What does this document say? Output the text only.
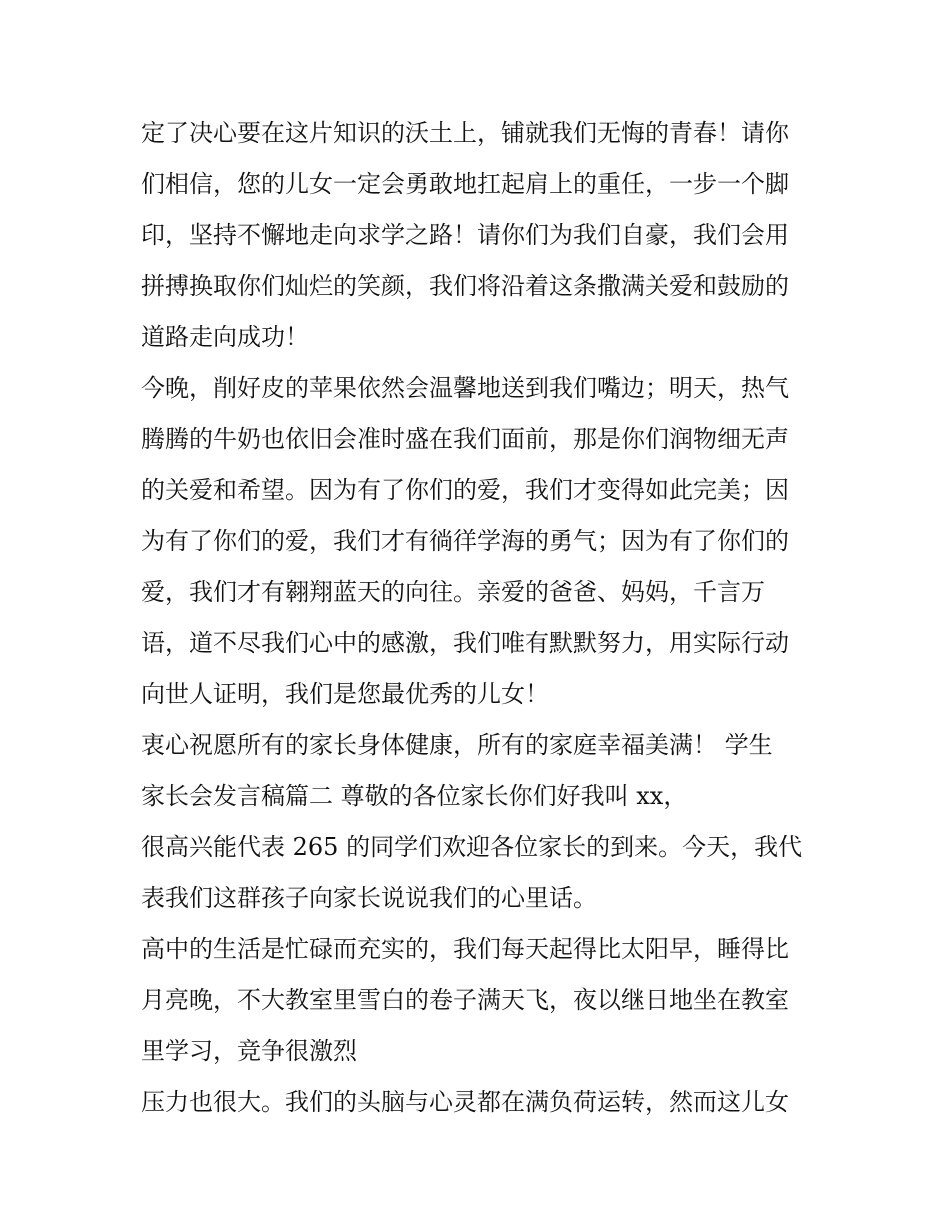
定了决心要在这片知识的沃土上，铺就我们无悔的青春！请你
们相信，您的儿女一定会勇敢地扛起肩上的重任，一步一个脚
印，坚持不懈地走向求学之路！请你们为我们自豪，我们会用
拼搏换取你们灿烂的笑颜，我们将沿着这条撒满关爱和鼓励的
道路走向成功！
今晚，削好皮的苹果依然会温馨地送到我们嘴边；明天，热气
腾腾的牛奶也依旧会准时盛在我们面前，那是你们润物细无声
的关爱和希望。因为有了你们的爱，我们才变得如此完美；因
为有了你们的爱，我们才有徜徉学海的勇气；因为有了你们的
爱，我们才有翱翔蓝天的向往。亲爱的爸爸、妈妈，千言万
语，道不尽我们心中的感激，我们唯有默默努力，用实际行动
向世人证明，我们是您最优秀的儿女！
衷心祝愿所有的家长身体健康，所有的家庭幸福美满！ 学生
家长会发言稿篇二 尊敬的各位家长你们好我叫 xx，
很高兴能代表 265 的同学们欢迎各位家长的到来。今天，我代
表我们这群孩子向家长说说我们的心里话。
高中的生活是忙碌而充实的，我们每天起得比太阳早，睡得比
月亮晚，不大教室里雪白的卷子满天飞，夜以继日地坐在教室
里学习，竞争很激烈
压力也很大。我们的头脑与心灵都在满负荷运转，然而这儿女
